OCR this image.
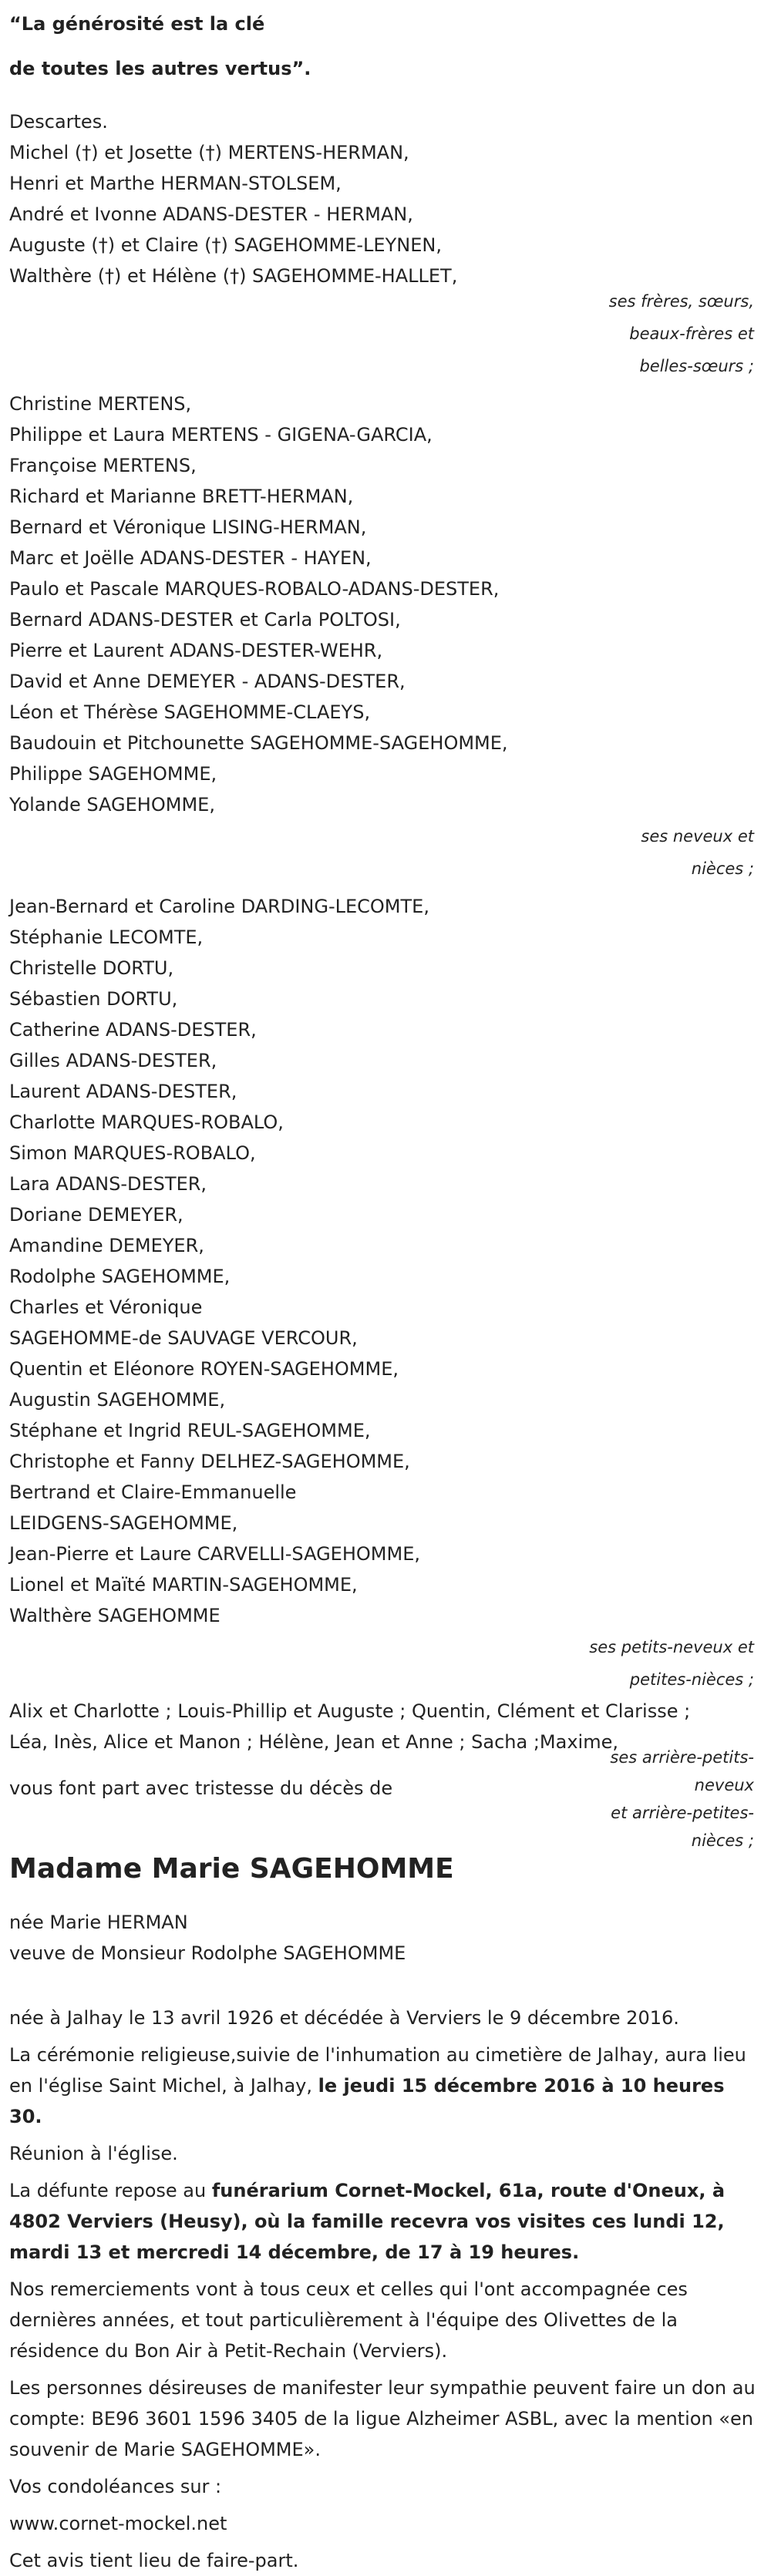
“La générosité est la clé
de toutes les autres vertus”.
Descartes.
Michel (†) et Josette (†) MERTENS-HERMAN,
Henri et Marthe HERMAN-STOLSEM,
André et Ivonne ADANS-DESTER - HERMAN,
Auguste (†) et Claire (†) SAGEHOMME-LEYNEN,
Walthère (†) et Hélène (†) SAGEHOMME-HALLET,
ses frères, sœurs,
beaux-frères et
belles-sœurs ;
Christine MERTENS,
Philippe et Laura MERTENS - GIGENA-GARCIA,
Françoise MERTENS,
Richard et Marianne BRETT-HERMAN,
Bernard et Véronique LISING-HERMAN,
Marc et Joëlle ADANS-DESTER - HAYEN,
Paulo et Pascale MARQUES-ROBALO-ADANS-DESTER,
Bernard ADANS-DESTER et Carla POLTOSI,
Pierre et Laurent ADANS-DESTER-WEHR,
David et Anne DEMEYER - ADANS-DESTER,
Léon et Thérèse SAGEHOMME-CLAEYS,
Baudouin et Pitchounette SAGEHOMME-SAGEHOMME,
Philippe SAGEHOMME,
Yolande SAGEHOMME,
ses neveux et
nièces ;
Jean-Bernard et Caroline DARDING-LECOMTE,
Stéphanie LECOMTE,
Christelle DORTU,
Sébastien DORTU,
Catherine ADANS-DESTER,
Gilles ADANS-DESTER,
Laurent ADANS-DESTER,
Charlotte MARQUES-ROBALO,
Simon MARQUES-ROBALO,
Lara ADANS-DESTER,
Doriane DEMEYER,
Amandine DEMEYER,
Rodolphe SAGEHOMME,
Charles et Véronique
SAGEHOMME-de SAUVAGE VERCOUR,
Quentin et Eléonore ROYEN-SAGEHOMME,
Augustin SAGEHOMME,
Stéphane et Ingrid REUL-SAGEHOMME,
Christophe et Fanny DELHEZ-SAGEHOMME,
Bertrand et Claire-Emmanuelle
LEIDGENS-SAGEHOMME,
Jean-Pierre et Laure CARVELLI-SAGEHOMME,
Lionel et Maïté MARTIN-SAGEHOMME,
Walthère SAGEHOMME
ses petits-neveux et
petites-nièces ;
Alix et Charlotte ; Louis-Phillip et Auguste ; Quentin, Clément et Clarisse ;
Léa, Inès, Alice et Manon ; Hélène, Jean et Anne ; Sacha ;Maxime,
vous font part avec tristesse du décès de
ses arrière-petits-
neveux
et arrière-petites-
nièces ;
Madame Marie SAGEHOMME
née Marie HERMAN
veuve de Monsieur Rodolphe SAGEHOMME
née à Jalhay le 13 avril 1926 et décédée à Verviers le 9 décembre 2016.
La cérémonie religieuse,suivie de l'inhumation au cimetière de Jalhay, aura lieu en l'église Saint Michel, à Jalhay, le jeudi 15 décembre 2016 à 10 heures 30.
Réunion à l'église.
La défunte repose au funérarium Cornet-Mockel, 61a, route d'Oneux, à 4802 Verviers (Heusy), où la famille recevra vos visites ces lundi 12, mardi 13 et mercredi 14 décembre, de 17 à 19 heures.
Nos remerciements vont à tous ceux et celles qui l'ont accompagnée ces dernières années, et tout particulièrement à l'équipe des Olivettes de la résidence du Bon Air à Petit-Rechain (Verviers).
Les personnes désireuses de manifester leur sympathie peuvent faire un don au compte: BE96 3601 1596 3405 de la ligue Alzheimer ASBL, avec la mention «en souvenir de Marie SAGEHOMME».
Vos condoléances sur :
www.cornet-mockel.net
Cet avis tient lieu de faire-part.
